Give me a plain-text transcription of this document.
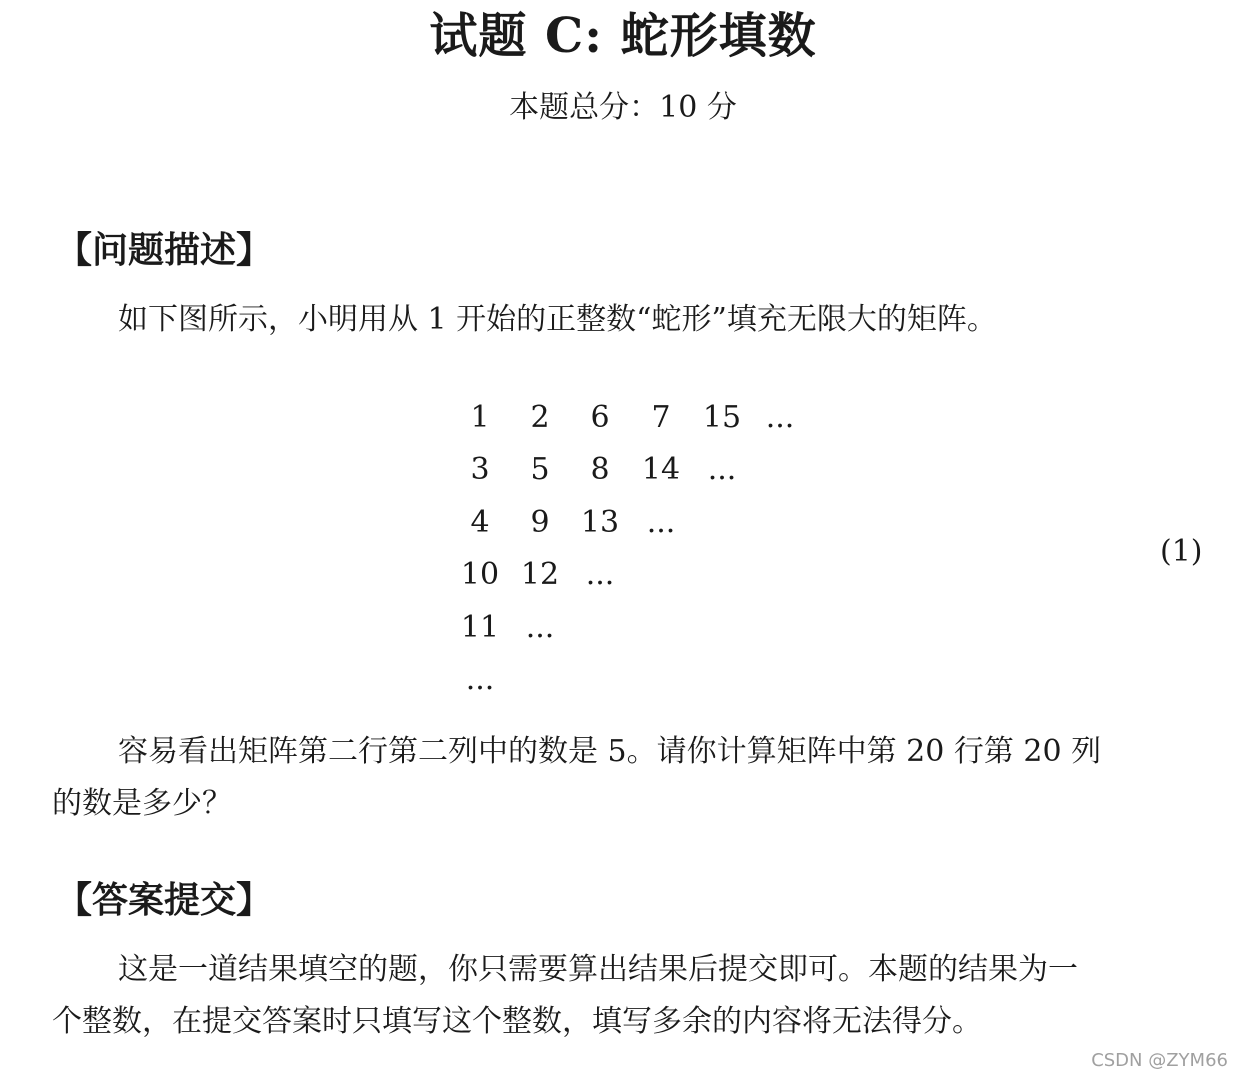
试题 C: 蛇形填数
本题总分：10 分
【问题描述】
如下图所示，小明用从 1 开始的正整数“蛇形”填充无限大的矩阵。
1	2	6	7	15 ...
3	5	8	14 ...
4	9	13 ...
10 12 ...
11 ...
...
(1)
容易看出矩阵第二行第二列中的数是 5。请你计算矩阵中第 20 行第 20 列
的数是多少？
【答案提交】
这是一道结果填空的题，你只需要算出结果后提交即可。本题的结果为一
个整数，在提交答案时只填写这个整数，填写多余的内容将无法得分。
CSDN @ZYM66
